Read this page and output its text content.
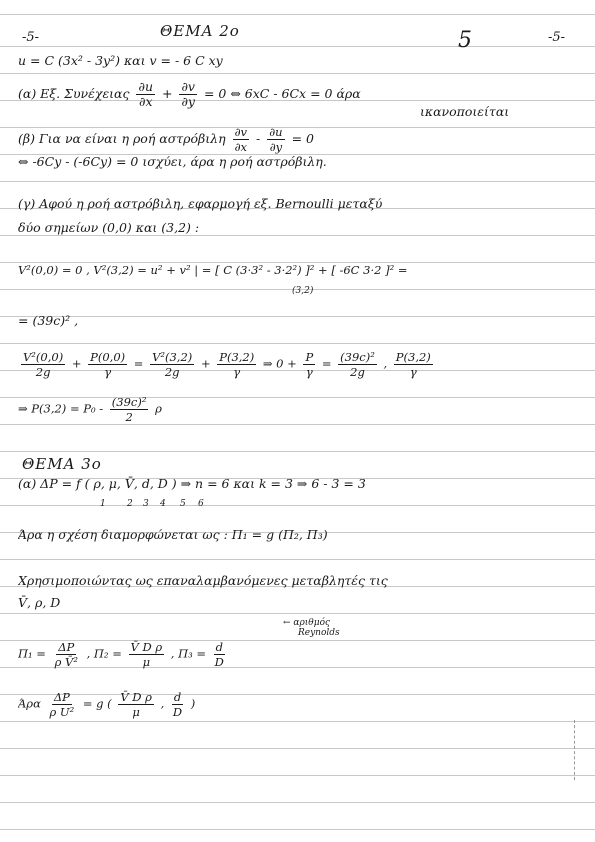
-5-	ΘΕΜΑ 2ο	5	-5-
u = C (3x² - 3y²) και v = - 6 C xy
(α) Εξ. Συνέχειας $\frac{\partial u}{\partial x} + \frac{\partial v}{\partial y} = 0$ ⇔ 6xC - 6Cx = 0 άρα
ικανοποιείται
(β) Για να είναι η ροή αστρόβιλη $\frac{\partial v}{\partial x} - \frac{\partial u}{\partial y} = 0$
⇔ -6Cy - (-6Cy) = 0 ισχύει, άρα η ροή αστρόβιλη.
(γ) Αφού η ροή αστρόβιλη, εφαρμογή εξ. Bernoulli μεταξύ
δύο σημείων (0,0) και (3,2) :
V²(0,0) = 0 , V²(3,2) = u² + v² | = [ C (3·3² - 3·2²) ]² + [ -6C 3·2 ]² =
(3,2)
= (39c)² ,
$\frac{\text{V²(0,0)}}{2g} + \frac{P(0,0)}{\gamma} = \frac{\text{V²(3,2)}}{2g} + \frac{P(3,2)}{\gamma}$ ⇒ $0 + \frac{P}{\gamma} = \frac{\text{(39c)²}}{2g}$ , $\frac{P(3,2)}{\gamma}$
⇒ $P(3,2) = P_0 - \frac{\text{(39c)²}}{2}$ ρ
ΘΕΜΑ 3ο
(α) ΔP = f ( ρ, μ, V̄, d, D ) ⇒ n = 6 και k = 3 ⇒ 6 - 3 = 3
1 2 3 4 5 6
Άρα η σχέση διαμορφώνεται ως : Π₁ = g (Π₂, Π₃)
Χρησιμοποιώντας ως επαναλαμβανόμενες μεταβλητές τις
V̄, ρ, D
← αριθμός
Reynolds
$\Pi_1 = \frac{\Delta P}{\text{ρ V̄²}}$ , $\Pi_2 = \frac{\text{V̄ D ρ}}{\mu}$ , $\Pi_3 = \frac{d}{D}$
Άρα $\frac{\Delta P}{\text{ρ U²}} = g$ ( $\frac{\text{V̄ D ρ}}{\mu}$ , $\frac{d}{D}$ )
